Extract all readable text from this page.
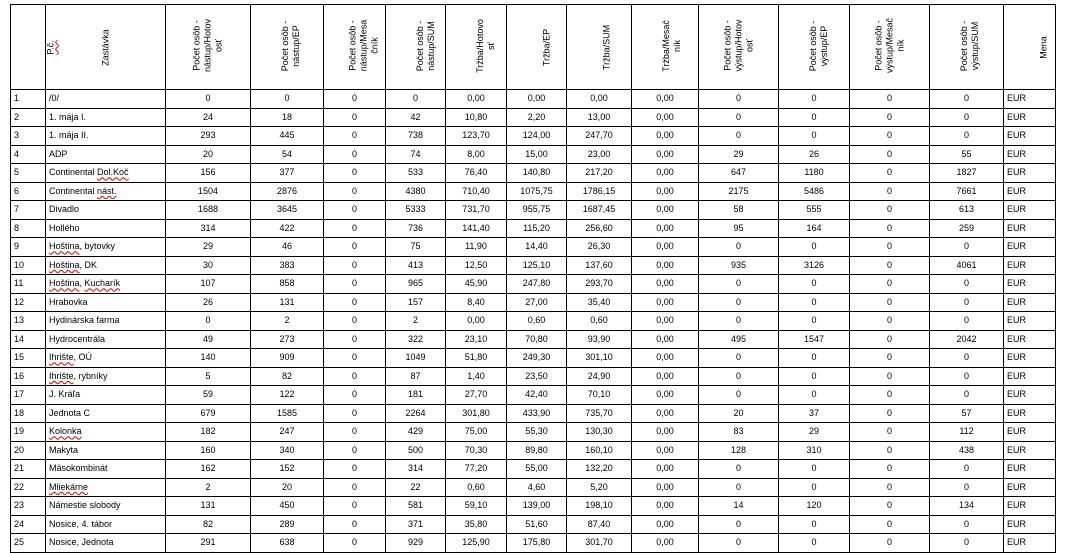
P.č.	Zastávka	Počet osôb -
nástup/Hotov
osť	Počet osôb -
nástup/EP	Počet osôb -
nástup/Mesa
čník	Počet osôb -
nástup/SUM	Tržba/Hotovo
sť	Tržba/EP	Tržba/SUM	Tržba/Mesač
ník	Počet osôb -
výstup/Hotov
osť	Počet osôb -
výstup/EP	Počet osôb -
výstup/Mesač
ník	Počet osôb -
výstup/SUM	Mena
1	/0/	0	0	0	0	0,00	0,00	0,00	0,00	0	0	0	0	EUR
2	1. mája I.	24	18	0	42	10,80	2,20	13,00	0,00	0	0	0	0	EUR
3	1. mája II.	293	445	0	738	123,70	124,00	247,70	0,00	0	0	0	0	EUR
4	ADP	20	54	0	74	8,00	15,00	23,00	0,00	29	26	0	55	EUR
5	Continental Dol.Koč	156	377	0	533	76,40	140,80	217,20	0,00	647	1180	0	1827	EUR
6	Continental nást.	1504	2876	0	4380	710,40	1075,75	1786,15	0,00	2175	5486	0	7661	EUR
7	Divadlo	1688	3645	0	5333	731,70	955,75	1687,45	0,00	58	555	0	613	EUR
8	Hollého	314	422	0	736	141,40	115,20	256,60	0,00	95	164	0	259	EUR
9	Hoština, bytovky	29	46	0	75	11,90	14,40	26,30	0,00	0	0	0	0	EUR
10	Hoština, DK	30	383	0	413	12,50	125,10	137,60	0,00	935	3126	0	4061	EUR
11	Hoština, Kucharík	107	858	0	965	45,90	247,80	293,70	0,00	0	0	0	0	EUR
12	Hrabovka	26	131	0	157	8,40	27,00	35,40	0,00	0	0	0	0	EUR
13	Hydinárska farma	0	2	0	2	0,00	0,60	0,60	0,00	0	0	0	0	EUR
14	Hydrocentrála	49	273	0	322	23,10	70,80	93,90	0,00	495	1547	0	2042	EUR
15	Ihrište, OÚ	140	909	0	1049	51,80	249,30	301,10	0,00	0	0	0	0	EUR
16	Ihrište, rybníky	5	82	0	87	1,40	23,50	24,90	0,00	0	0	0	0	EUR
17	J. Kráľa	59	122	0	181	27,70	42,40	70,10	0,00	0	0	0	0	EUR
18	Jednota C	679	1585	0	2264	301,80	433,90	735,70	0,00	20	37	0	57	EUR
19	Kolonka	182	247	0	429	75,00	55,30	130,30	0,00	83	29	0	112	EUR
20	Makyta	160	340	0	500	70,30	89,80	160,10	0,00	128	310	0	438	EUR
21	Mäsokombinát	162	152	0	314	77,20	55,00	132,20	0,00	0	0	0	0	EUR
22	Mliekárne	2	20	0	22	0,60	4,60	5,20	0,00	0	0	0	0	EUR
23	Námestie slobody	131	450	0	581	59,10	139,00	198,10	0,00	14	120	0	134	EUR
24	Nosice, 4. tábor	82	289	0	371	35,80	51,60	87,40	0,00	0	0	0	0	EUR
25	Nosice, Jednota	291	638	0	929	125,90	175,80	301,70	0,00	0	0	0	0	EUR
